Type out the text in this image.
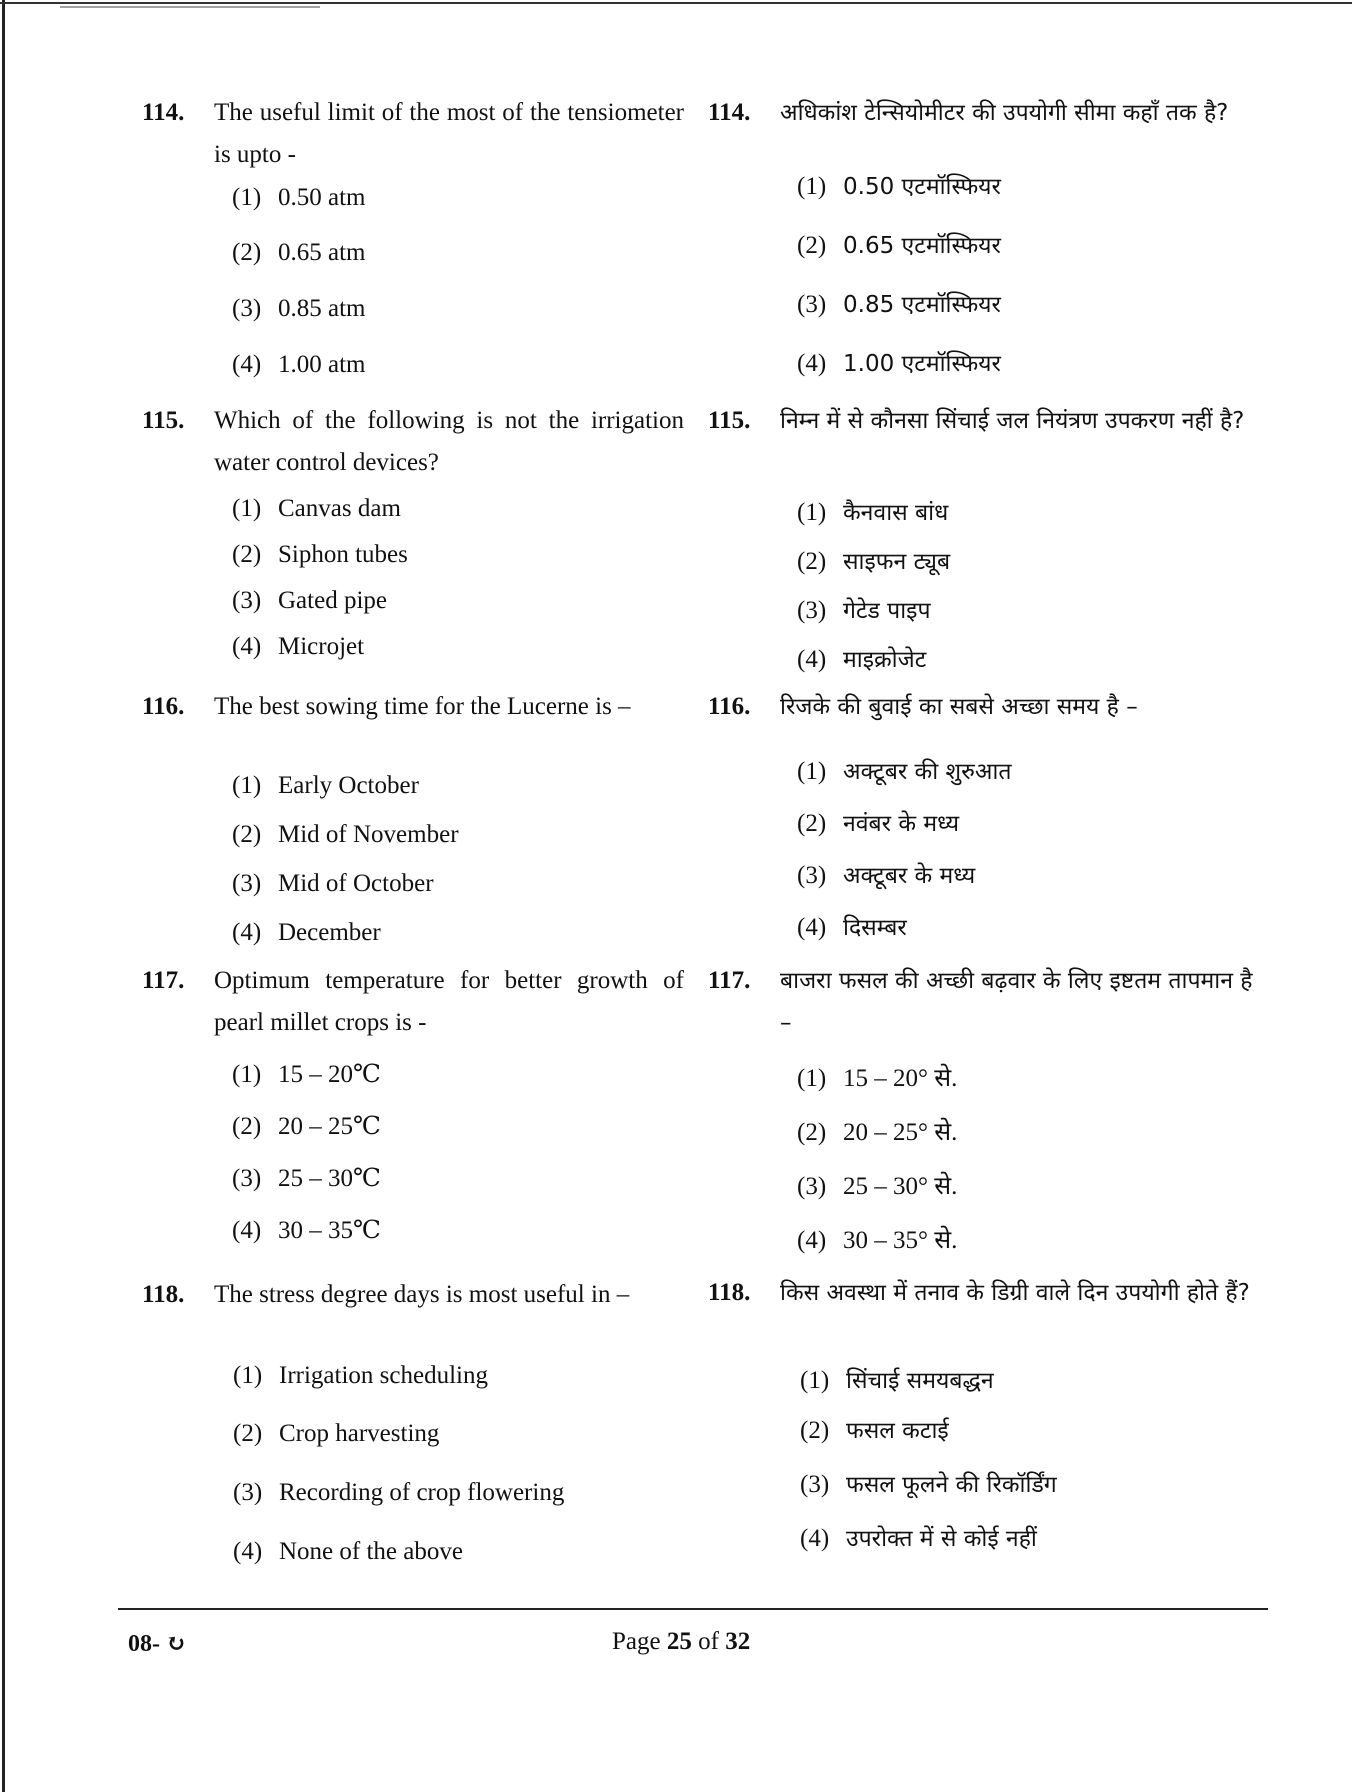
114. The useful limit of the most of the tensiometer is upto -
114. अधिकांश टेन्सियोमीटर की उपयोगी सीमा कहाँ तक है?
(1) 0.50 atm
(2) 0.65 atm
(3) 0.85 atm
(4) 1.00 atm
(1) 0.50 एटमॉस्फियर
(2) 0.65 एटमॉस्फियर
(3) 0.85 एटमॉस्फियर
(4) 1.00 एटमॉस्फियर
115. Which of the following is not the irrigation water control devices?
115. निम्न में से कौनसा सिंचाई जल नियंत्रण उपकरण नहीं है?
(1) Canvas dam
(2) Siphon tubes
(3) Gated pipe
(4) Microjet
(1) कैनवास बांध
(2) साइफन ट्यूब
(3) गेटेड पाइप
(4) माइक्रोजेट
116. The best sowing time for the Lucerne is –	116. रिजके की बुवाई का सबसे अच्छा समय है –
(1) Early October
(2) Mid of November
(3) Mid of October
(4) December
(1) अक्टूबर की शुरुआत
(2) नवंबर के मध्य
(3) अक्टूबर के मध्य
(4) दिसम्बर
117. Optimum temperature for better growth of pearl millet crops is -
117. बाजरा फसल की अच्छी बढ़वार के लिए इष्टतम तापमान है –
(1) 15 – 20℃
(2) 20 – 25℃
(3) 25 – 30℃
(4) 30 – 35℃
(1) 15 – 20° से.
(2) 20 – 25° से.
(3) 25 – 30° से.
(4) 30 – 35° से.
118. The stress degree days is most useful in –	118. किस अवस्था में तनाव के डिग्री वाले दिन उपयोगी होते हैं?
(1) Irrigation scheduling
(2) Crop harvesting
(3) Recording of crop flowering
(4) None of the above
(1) सिंचाई समयबद्धन
(2) फसल कटाई
(3) फसल फूलने की रिकॉर्डिंग
(4) उपरोक्त में से कोई नहीं
08- ↻	Page 25 of 32
